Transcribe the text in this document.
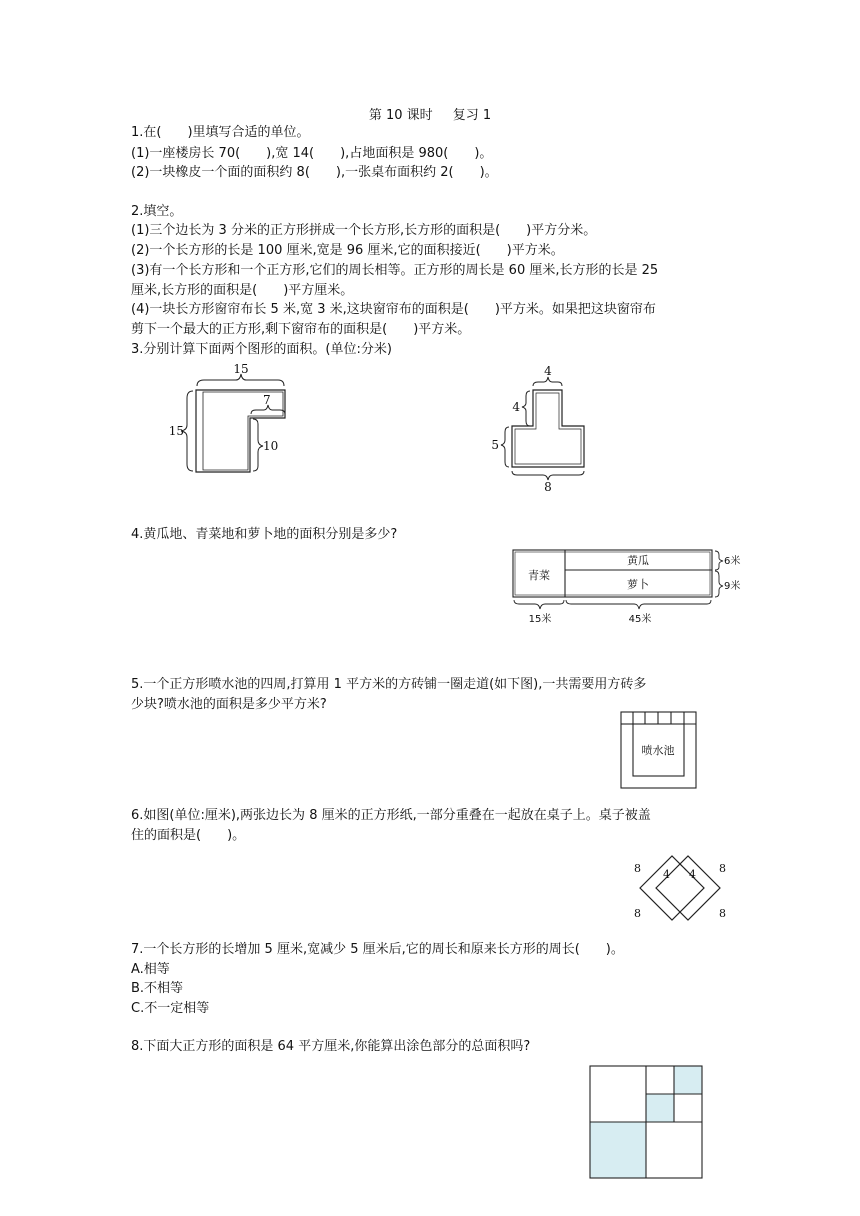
第 10 课时 复习 1
1.在(　　)里填写合适的单位。
(1)一座楼房长 70(　　),宽 14(　　),占地面积是 980(　　)。
(2)一块橡皮一个面的面积约 8(　　),一张桌布面积约 2(　　)。
2.填空。
(1)三个边长为 3 分米的正方形拼成一个长方形,长方形的面积是(　　)平方分米。
(2)一个长方形的长是 100 厘米,宽是 96 厘米,它的面积接近(　　)平方米。
(3)有一个长方形和一个正方形,它们的周长相等。正方形的周长是 60 厘米,长方形的长是 25
厘米,长方形的面积是(　　)平方厘米。
(4)一块长方形窗帘布长 5 米,宽 3 米,这块窗帘布的面积是(　　)平方米。如果把这块窗帘布
剪下一个最大的正方形,剩下窗帘布的面积是(　　)平方米。
3.分别计算下面两个图形的面积。(单位:分米)
15
15
7
10
4
4
5
8
4.黄瓜地、青菜地和萝卜地的面积分别是多少?
青菜
黄瓜
萝卜
6米
9米
15米	45米
5.一个正方形喷水池的四周,打算用 1 平方米的方砖铺一圈走道(如下图),一共需要用方砖多
少块?喷水池的面积是多少平方米?
喷水池
6.如图(单位:厘米),两张边长为 8 厘米的正方形纸,一部分重叠在一起放在桌子上。桌子被盖
住的面积是(　　)。
8 4 4 8
8	8
7.一个长方形的长增加 5 厘米,宽减少 5 厘米后,它的周长和原来长方形的周长(　　)。
A.相等
B.不相等
C.不一定相等
8.下面大正方形的面积是 64 平方厘米,你能算出涂色部分的总面积吗?
